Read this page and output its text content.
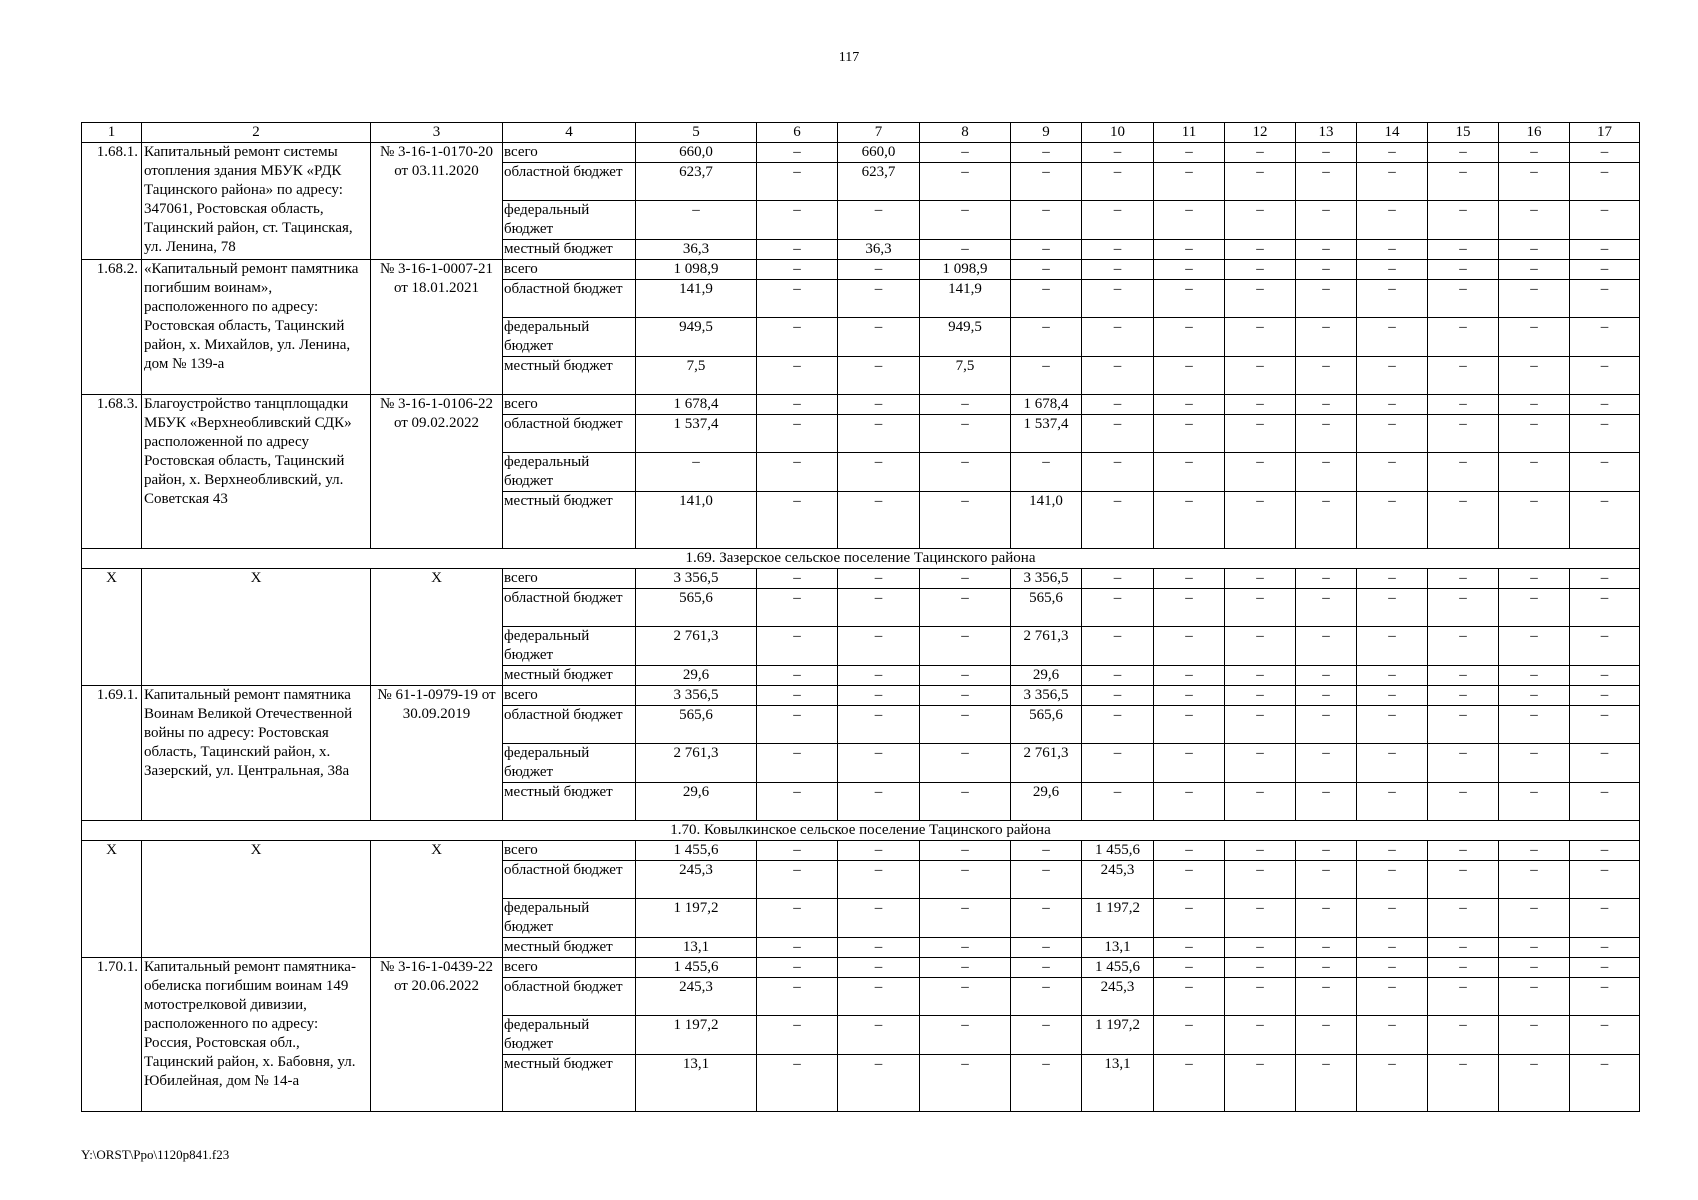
117
1	2	3	4	5	6	7	8	9	10	11	12	13	14	15	16	17
1.68.1.	Капитальный ремонт системы отопления здания МБУК «РДК Тацинского района» по адресу: 347061, Ростовская область, Тацинский район, ст. Тацинская, ул. Ленина, 78	№ 3-16-1-0170-20 от 03.11.2020	всего	660,0	–	660,0	–	–	–	–	–	–	–	–	–	–
			областной бюджет	623,7	–	623,7	–	–	–	–	–	–	–	–	–	–
			федеральный бюджет	–	–	–	–	–	–	–	–	–	–	–	–	–
			местный бюджет	36,3	–	36,3	–	–	–	–	–	–	–	–	–	–
1.68.2.	«Капитальный ремонт памятника погибшим воинам», расположенного по адресу: Ростовская область, Тацинский район, х. Михайлов, ул. Ленина, дом № 139-а	№ 3-16-1-0007-21 от 18.01.2021	всего	1 098,9	–	–	1 098,9	–	–	–	–	–	–	–	–	–
			областной бюджет	141,9	–	–	141,9	–	–	–	–	–	–	–	–	–
			федеральный бюджет	949,5	–	–	949,5	–	–	–	–	–	–	–	–	–
			местный бюджет	7,5	–	–	7,5	–	–	–	–	–	–	–	–	–
1.68.3.	Благоустройство танцплощадки МБУК «Верхнеобливский СДК» расположенной по адресу Ростовская область, Тацинский район, х. Верхнеобливский, ул. Советская 43	№ 3-16-1-0106-22 от 09.02.2022	всего	1 678,4	–	–	–	1 678,4	–	–	–	–	–	–	–	–
			областной бюджет	1 537,4	–	–	–	1 537,4	–	–	–	–	–	–	–	–
			федеральный бюджет	–	–	–	–	–	–	–	–	–	–	–	–	–
			местный бюджет	141,0	–	–	–	141,0	–	–	–	–	–	–	–	–
1.69. Зазерское сельское поселение Тацинского района																
X	X	X	всего	3 356,5	–	–	–	3 356,5	–	–	–	–	–	–	–	–
			областной бюджет	565,6	–	–	–	565,6	–	–	–	–	–	–	–	–
			федеральный бюджет	2 761,3	–	–	–	2 761,3	–	–	–	–	–	–	–	–
			местный бюджет	29,6	–	–	–	29,6	–	–	–	–	–	–	–	–
1.69.1.	Капитальный ремонт памятника Воинам Великой Отечественной войны по адресу: Ростовская область, Тацинский район, х. Зазерский, ул. Центральная, 38а	№ 61-1-0979-19 от 30.09.2019	всего	3 356,5	–	–	–	3 356,5	–	–	–	–	–	–	–	–
			областной бюджет	565,6	–	–	–	565,6	–	–	–	–	–	–	–	–
			федеральный бюджет	2 761,3	–	–	–	2 761,3	–	–	–	–	–	–	–	–
			местный бюджет	29,6	–	–	–	29,6	–	–	–	–	–	–	–	–
1.70. Ковылкинское сельское поселение Тацинского района																
X	X	X	всего	1 455,6	–	–	–	–	1 455,6	–	–	–	–	–	–	–
			областной бюджет	245,3	–	–	–	–	245,3	–	–	–	–	–	–	–
			федеральный бюджет	1 197,2	–	–	–	–	1 197,2	–	–	–	–	–	–	–
			местный бюджет	13,1	–	–	–	–	13,1	–	–	–	–	–	–	–
1.70.1.	Капитальный ремонт памятника-обелиска погибшим воинам 149 мотострелковой дивизии, расположенного по адресу: Россия, Ростовская обл., Тацинский район, х. Бабовня, ул. Юбилейная, дом № 14-а	№ 3-16-1-0439-22 от 20.06.2022	всего	1 455,6	–	–	–	–	1 455,6	–	–	–	–	–	–	–
			областной бюджет	245,3	–	–	–	–	245,3	–	–	–	–	–	–	–
			федеральный бюджет	1 197,2	–	–	–	–	1 197,2	–	–	–	–	–	–	–
			местный бюджет	13,1	–	–	–	–	13,1	–	–	–	–	–	–	–
Y:\ORST\Ppo\1120p841.f23
